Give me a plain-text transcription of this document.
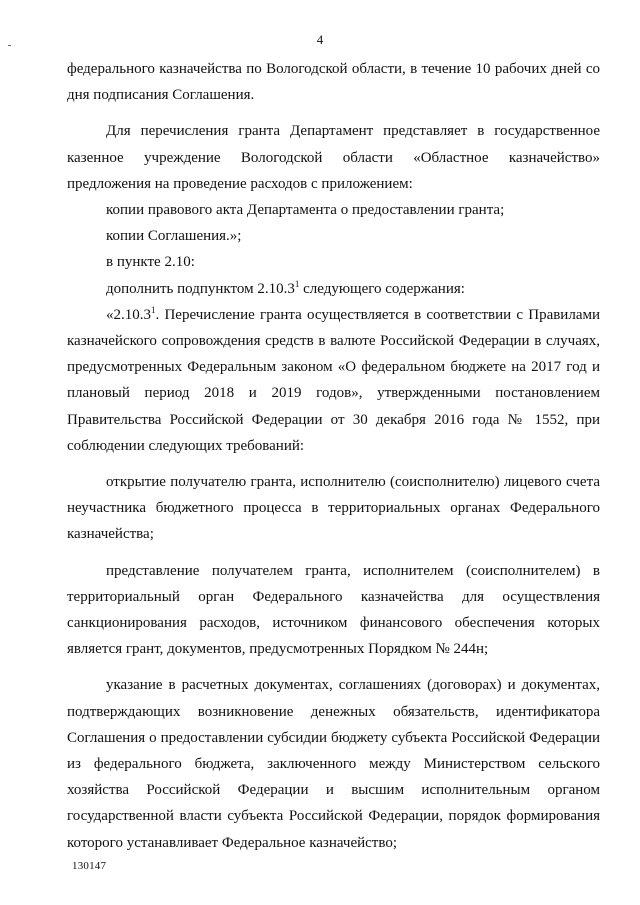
4

федерального казначейства по Вологодской области, в течение 10 рабочих дней со дня подписания Соглашения.

Для перечисления гранта Департамент представляет в государственное казенное учреждение Вологодской области «Областное казначейство» предложения на проведение расходов с приложением:

копии правового акта Департамента о предоставлении гранта;

копии Соглашения.»;

в пункте 2.10:

дополнить подпунктом 2.10.3$^1$ следующего содержания:

«2.10.3$^1$. Перечисление гранта осуществляется в соответствии с Правилами казначейского сопровождения средств в валюте Российской Федерации в случаях, предусмотренных Федеральным законом «О федеральном бюджете на 2017 год и плановый период 2018 и 2019 годов», утвержденными постановлением Правительства Российской Федерации от 30 декабря 2016 года № 1552, при соблюдении следующих требований:

открытие получателю гранта, исполнителю (соисполнителю) лицевого счета неучастника бюджетного процесса в территориальных органах Федерального казначейства;

представление получателем гранта, исполнителем (соисполнителем) в территориальный орган Федерального казначейства для осуществления санкционирования расходов, источником финансового обеспечения которых является грант, документов, предусмотренных Порядком № 244н;

указание в расчетных документах, соглашениях (договорах) и документах, подтверждающих возникновение денежных обязательств, идентификатора Соглашения о предоставлении субсидии бюджету субъекта Российской Федерации из федерального бюджета, заключенного между Министерством сельского хозяйства Российской Федерации и высшим исполнительным органом государственной власти субъекта Российской Федерации, порядок формирования которого устанавливает Федеральное казначейство;

130147
